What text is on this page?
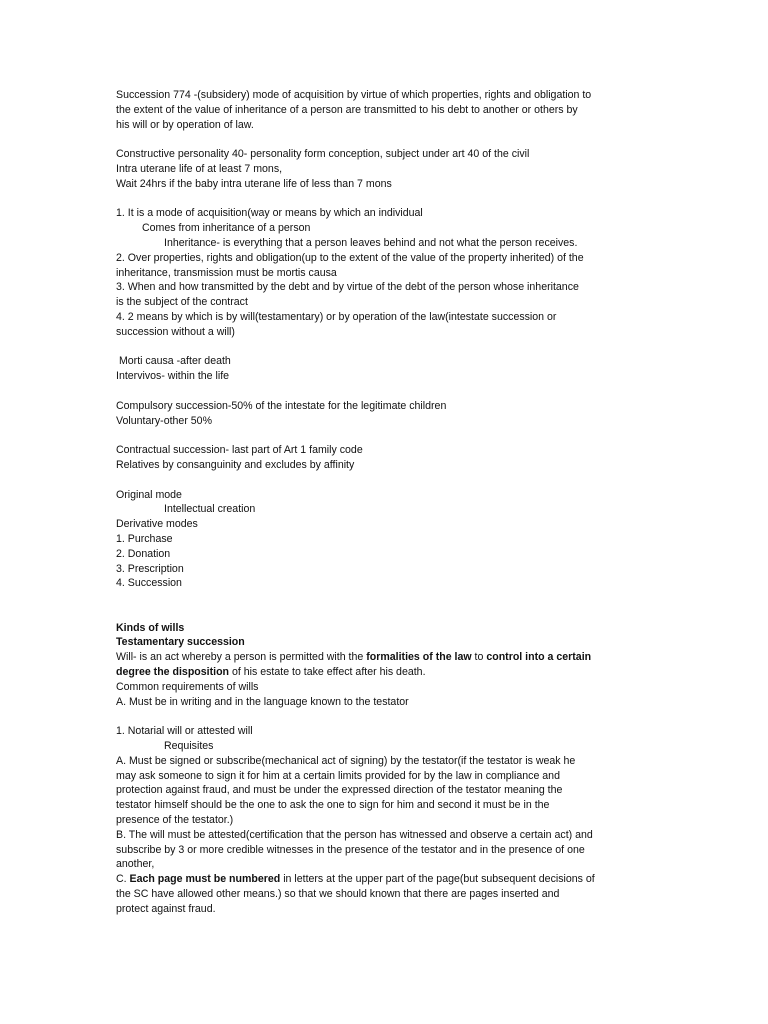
Succession 774 -(subsidery) mode of acquisition by virtue of which properties, rights and obligation to
the extent of the value of inheritance of a person are transmitted to his debt to another or others by
his will or by operation of law.
Constructive personality 40- personality form conception, subject under art 40 of the civil
Intra uterane life of at least 7 mons,
Wait 24hrs if the baby intra uterane life of less than 7 mons
1. It is a mode of acquisition(way or means by which an individual
Comes from inheritance of a person
Inheritance- is everything that a person leaves behind and not what the person receives.
2. Over properties, rights and obligation(up to the extent of the value of the property inherited) of the
inheritance, transmission must be mortis causa
3. When and how transmitted by the debt and by virtue of the debt of the person whose inheritance
is the subject of the contract
4. 2 means by which is by will(testamentary) or by operation of the law(intestate succession or
succession without a will)
Morti causa -after death
Intervivos- within the life
Compulsory succession-50% of the intestate for the legitimate children
Voluntary-other 50%
Contractual succession- last part of Art 1 family code
Relatives by consanguinity and excludes by affinity
Original mode
Intellectual creation
Derivative modes
1. Purchase
2. Donation
3. Prescription
4. Succession
Kinds of wills
Testamentary succession
Will- is an act whereby a person is permitted with the formalities of the law to control into a certain
degree the disposition of his estate to take effect after his death.
Common requirements of wills
A. Must be in writing and in the language known to the testator
1. Notarial will or attested will
Requisites
A. Must be signed or subscribe(mechanical act of signing) by the testator(if the testator is weak he
may ask someone to sign it for him at a certain limits provided for by the law in compliance and
protection against fraud, and must be under the expressed direction of the testator meaning the
testator himself should be the one to ask the one to sign for him and second it must be in the
presence of the testator.)
B. The will must be attested(certification that the person has witnessed and observe a certain act) and
subscribe by 3 or more credible witnesses in the presence of the testator and in the presence of one
another,
C. Each page must be numbered in letters at the upper part of the page(but subsequent decisions of
the SC have allowed other means.) so that we should known that there are pages inserted and
protect against fraud.
